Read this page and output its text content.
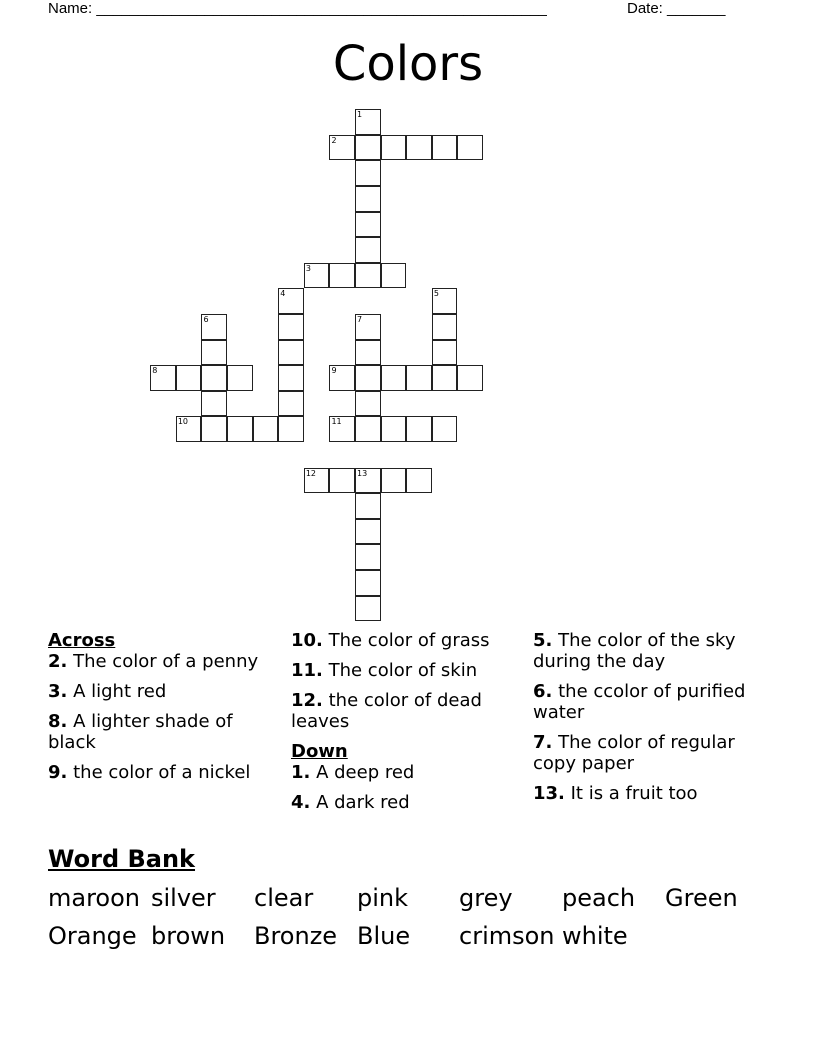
Name: ______________________________________________________	Date: _______
Colors
1
2
3
4	5
6	7
8	9
10	11
12	13
Across
2. The color of a penny
3. A light red
8. A lighter shade of black
9. the color of a nickel
10. The color of grass
11. The color of skin
12. the color of dead leaves
Down
1. A deep red
4. A dark red
5. The color of the sky during the day
6. the ccolor of purified water
7. The color of regular copy paper
13. It is a fruit too
Word Bank
maroon silver clear pink grey peach Green
Orange brown Bronze Blue crimson white
